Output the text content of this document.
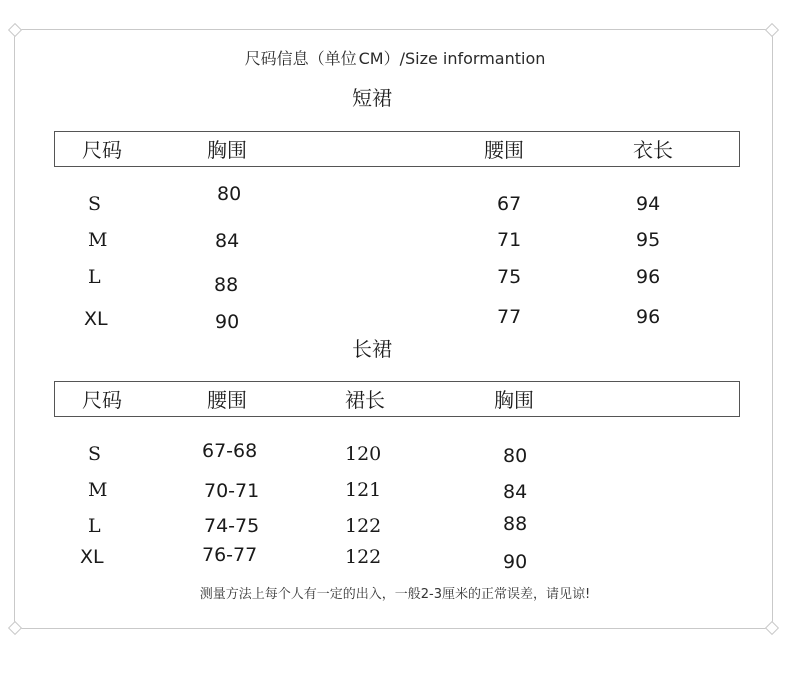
尺码信息（单位 CM）/Size informantion
短裙
尺码	胸围	腰围	衣长
S	80	67	94
M	84	71	95
L	88	75	96
XL	90	77	96
长裙
尺码	腰围	裙长	胸围
S	67-68	120	80
M	70-71	121	84
L	74-75	122	88
XL	76-77	122	90
测量方法上每个人有一定的出入，一般2-3厘米的正常误差，请见谅!
